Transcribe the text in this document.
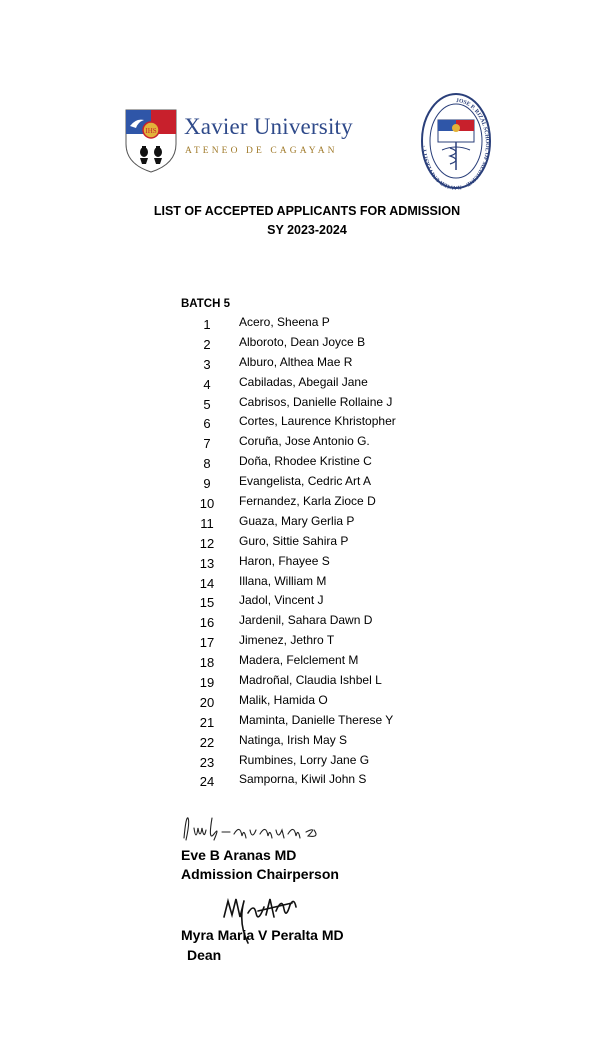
IHS Xavier University
ATENEO DE CAGAYAN
JOSE P. RIZAL SCHOOL OF MEDICINE · XAVIER UNIVERSITY ·
LIST OF ACCEPTED APPLICANTS FOR ADMISSION
SY 2023-2024
BATCH 5
1	Acero, Sheena P
2	Alboroto, Dean Joyce B
3	Alburo, Althea Mae R
4	Cabiladas, Abegail Jane
5	Cabrisos, Danielle Rollaine J
6	Cortes, Laurence Khristopher
7	Coruña, Jose Antonio G.
8	Doña, Rhodee Kristine C
9	Evangelista, Cedric Art A
10	Fernandez, Karla Zioce D
11	Guaza, Mary Gerlia P
12	Guro, Sittie Sahira P
13	Haron, Fhayee S
14	Illana, William M
15	Jadol, Vincent J
16	Jardenil, Sahara Dawn D
17	Jimenez, Jethro T
18	Madera, Felclement M
19	Madroñal, Claudia Ishbel L
20	Malik, Hamida O
21	Maminta, Danielle Therese Y
22	Natinga, Irish May S
23	Rumbines, Lorry Jane G
24	Samporna, Kiwil John S
Eve B Aranas MD
Admission Chairperson
Myra Maria V Peralta MD
Dean
